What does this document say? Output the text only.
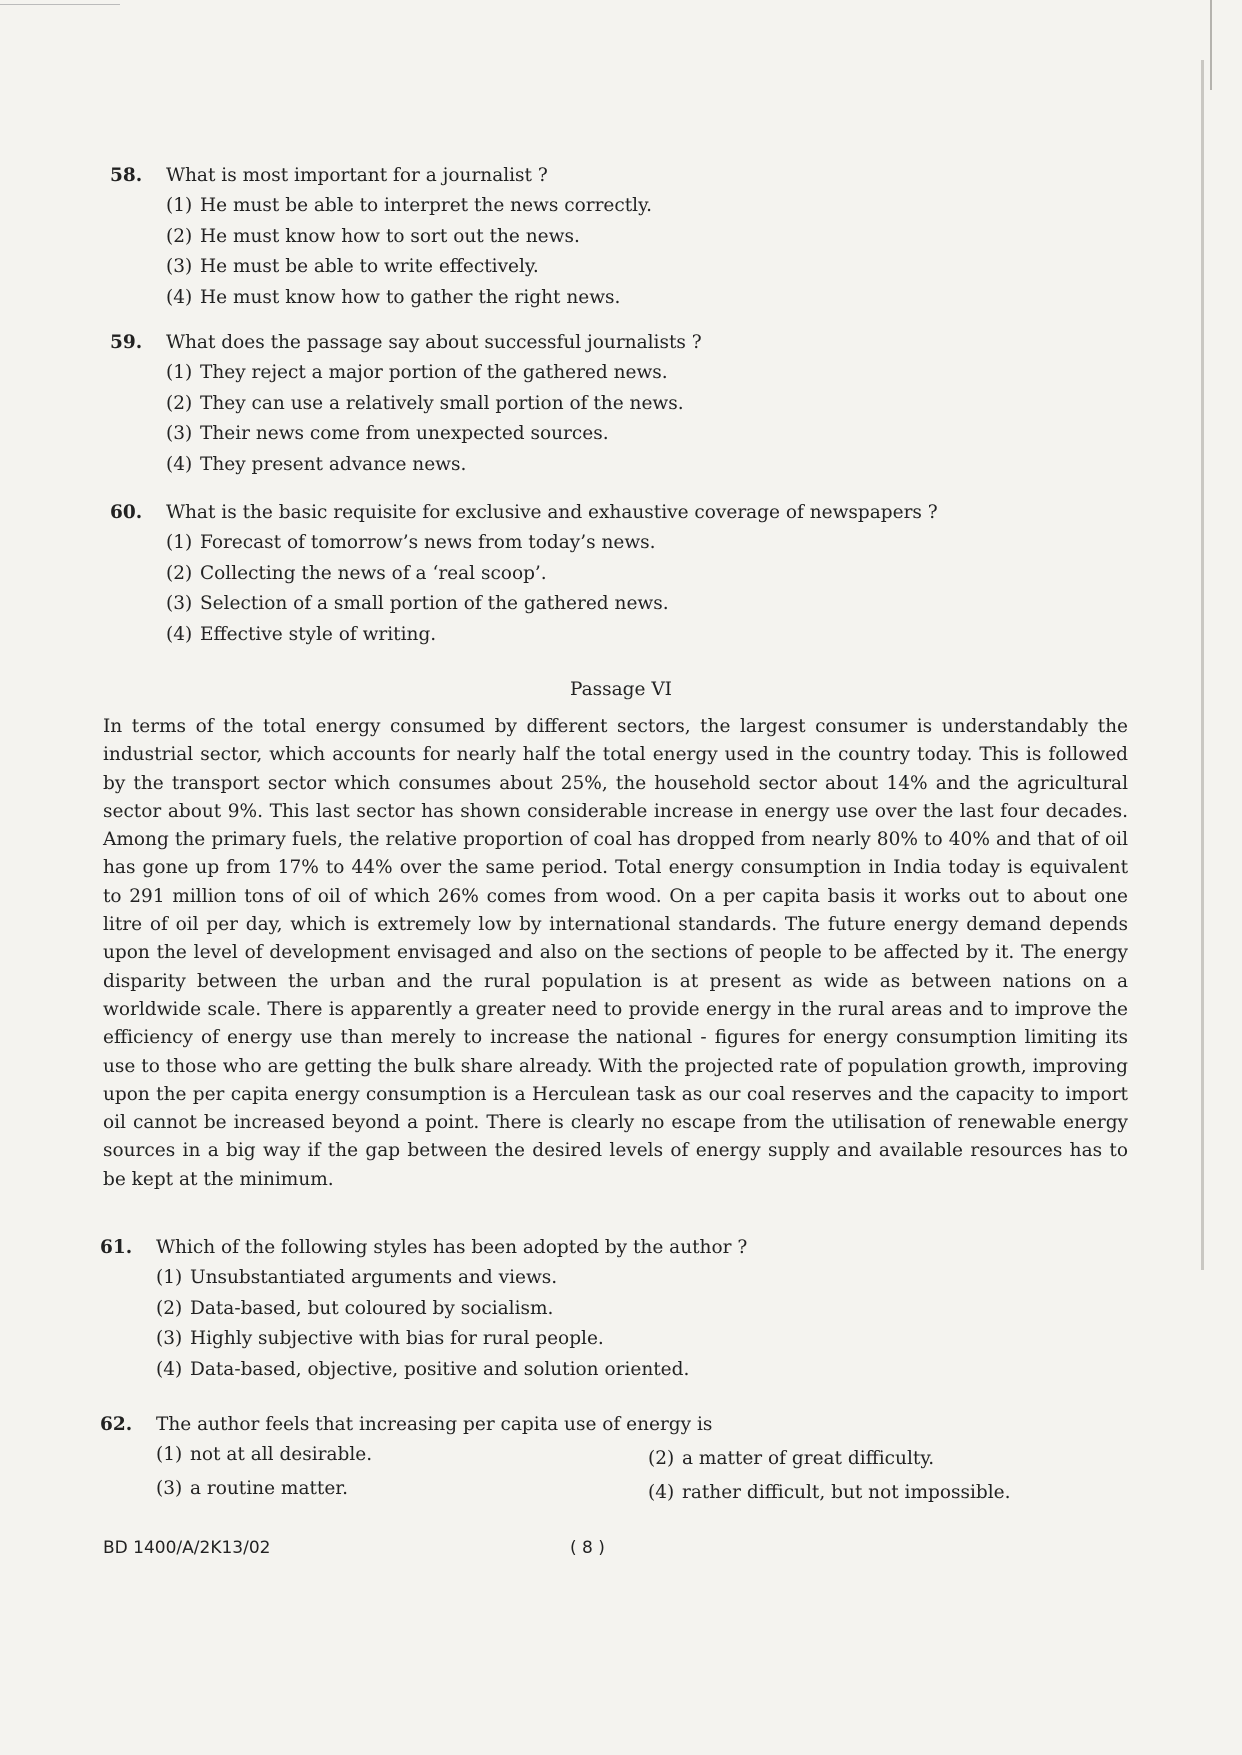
58. What is most important for a journalist ?
(1) He must be able to interpret the news correctly.
(2) He must know how to sort out the news.
(3) He must be able to write effectively.
(4) He must know how to gather the right news.
59. What does the passage say about successful journalists ?
(1) They reject a major portion of the gathered news.
(2) They can use a relatively small portion of the news.
(3) Their news come from unexpected sources.
(4) They present advance news.
60. What is the basic requisite for exclusive and exhaustive coverage of newspapers ?
(1) Forecast of tomorrow’s news from today’s news.
(2) Collecting the news of a ‘real scoop’.
(3) Selection of a small portion of the gathered news.
(4) Effective style of writing.
Passage VI
In terms of the total energy consumed by different sectors, the largest consumer is understandably the industrial sector, which accounts for nearly half the total energy used in the country today. This is followed by the transport sector which consumes about 25%, the household sector about 14% and the agricultural sector about 9%. This last sector has shown considerable increase in energy use over the last four decades. Among the primary fuels, the relative proportion of coal has dropped from nearly 80% to 40% and that of oil has gone up from 17% to 44% over the same period. Total energy consumption in India today is equivalent to 291 million tons of oil of which 26% comes from wood. On a per capita basis it works out to about one litre of oil per day, which is extremely low by international standards. The future energy demand depends upon the level of development envisaged and also on the sections of people to be affected by it. The energy disparity between the urban and the rural population is at present as wide as between nations on a worldwide scale. There is apparently a greater need to provide energy in the rural areas and to improve the efficiency of energy use than merely to increase the national - figures for energy consumption limiting its use to those who are getting the bulk share already. With the projected rate of population growth, improving upon the per capita energy consumption is a Herculean task as our coal reserves and the capacity to import oil cannot be increased beyond a point. There is clearly no escape from the utilisation of renewable energy sources in a big way if the gap between the desired levels of energy supply and available resources has to be kept at the minimum.
61. Which of the following styles has been adopted by the author ?
(1) Unsubstantiated arguments and views.
(2) Data-based, but coloured by socialism.
(3) Highly subjective with bias for rural people.
(4) Data-based, objective, positive and solution oriented.
62. The author feels that increasing per capita use of energy is
(1) not at all desirable.	(2) a matter of great difficulty.
(3) a routine matter.	(4) rather difficult, but not impossible.
BD 1400/A/2K13/02	( 8 )
